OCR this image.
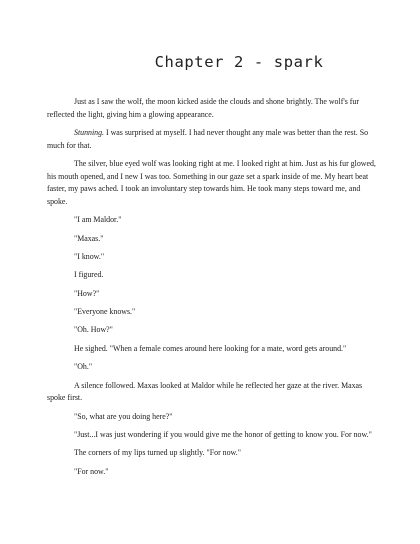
Chapter 2 - spark

Just as I saw the wolf, the moon kicked aside the clouds and shone brightly. The wolf's fur reflected the light, giving him a glowing appearance.

Stunning. I was surprised at myself. I had never thought any male was better than the rest. So much for that.

The silver, blue eyed wolf was looking right at me. I looked right at him. Just as his fur glowed, his mouth opened, and I new I was too. Something in our gaze set a spark inside of me. My heart beat faster, my paws ached. I took an involuntary step towards him. He took many steps toward me, and spoke.

"I am Maldor."

"Maxas."

"I know."

I figured.

"How?"

"Everyone knows."

"Oh. How?"

He sighed. "When a female comes around here looking for a mate, word gets around."

"Oh."

A silence followed. Maxas looked at Maldor while he reflected her gaze at the river. Maxas spoke first.

"So, what are you doing here?"

"Just...I was just wondering if you would give me the honor of getting to know you. For now."

The corners of my lips turned up slightly. "For now."

"For now."
